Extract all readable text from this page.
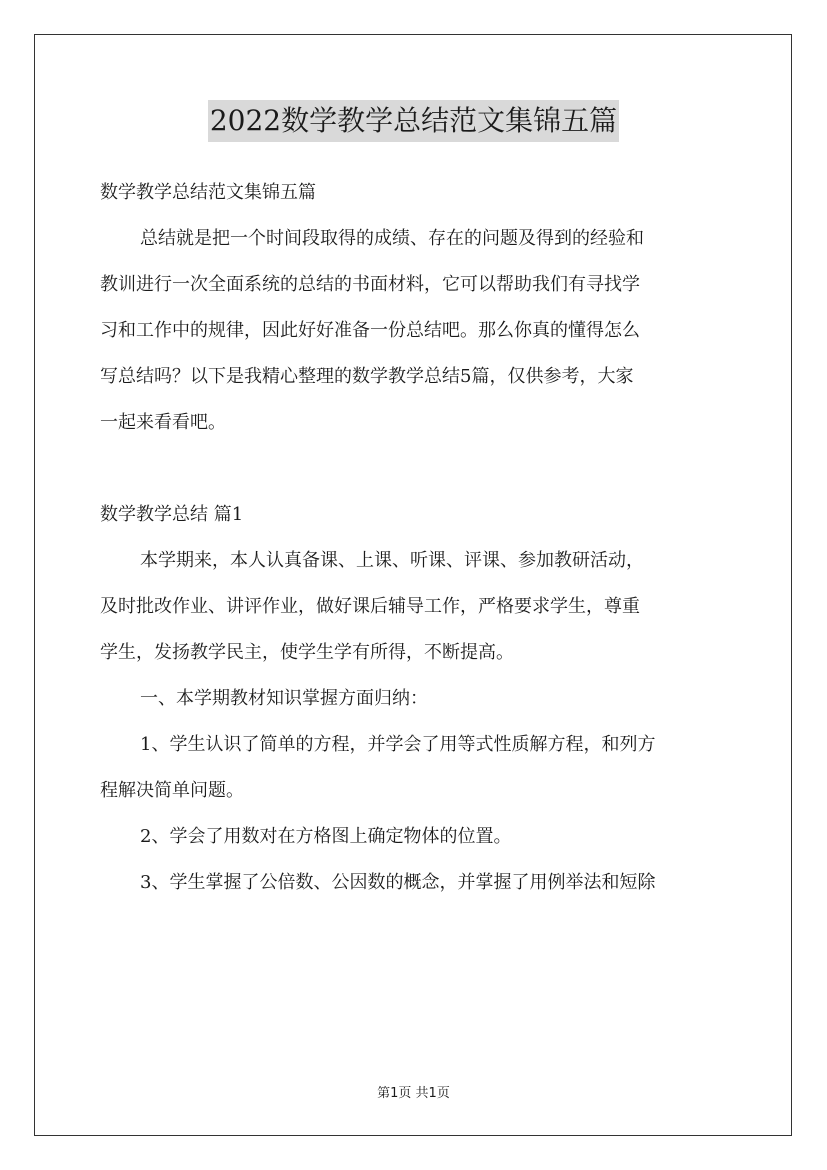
2022数学教学总结范文集锦五篇

数学教学总结范文集锦五篇

总结就是把一个时间段取得的成绩、存在的问题及得到的经验和

教训进行一次全面系统的总结的书面材料，它可以帮助我们有寻找学

习和工作中的规律，因此好好准备一份总结吧。那么你真的懂得怎么

写总结吗？以下是我精心整理的数学教学总结5篇，仅供参考，大家

一起来看看吧。

数学教学总结 篇1

本学期来，本人认真备课、上课、听课、评课、参加教研活动，

及时批改作业、讲评作业，做好课后辅导工作，严格要求学生，尊重

学生，发扬教学民主，使学生学有所得，不断提高。

一、本学期教材知识掌握方面归纳：

1、学生认识了简单的方程，并学会了用等式性质解方程，和列方

程解决简单问题。

2、学会了用数对在方格图上确定物体的位置。

3、学生掌握了公倍数、公因数的概念，并掌握了用例举法和短除

第1页 共1页
